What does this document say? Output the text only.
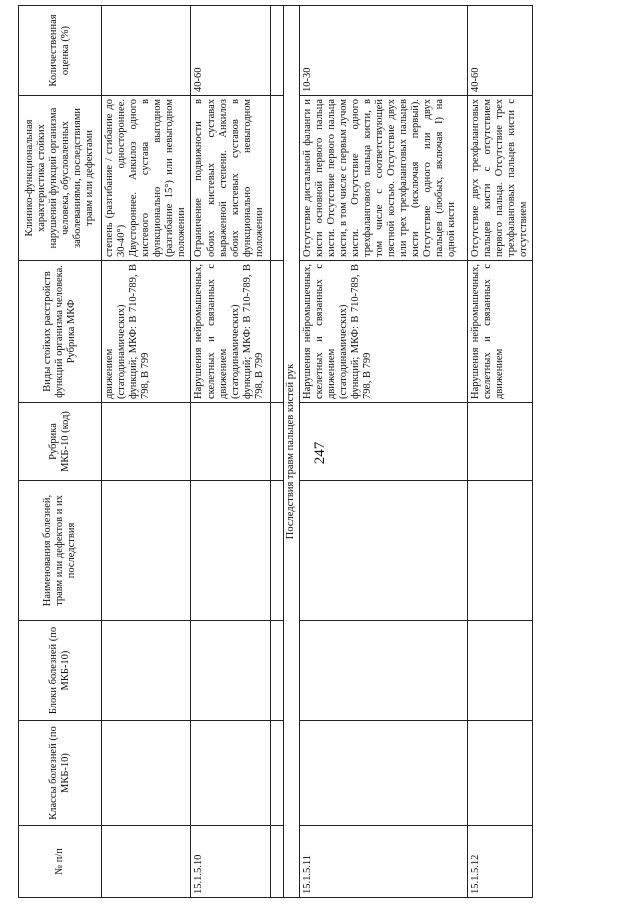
247
№ п/п	Классы болезней (по МКБ-10)	Блоки болезней (по МКБ-10)	Наименования болезней, травм или дефектов и их последствия	Рубрика МКБ-10 (код)	Виды стойких расстройств функций организма человека. Рубрика МКФ	Клинико-функциональная характеристика стойких нарушений функций организма человека, обусловленных заболеваниями, последствиями травм или дефектами	Количественная оценка (%)
					движением (статодинамических) функций; МКФ: В 710-789, В 798, В 799	степень (разгибание / сгибание до 30-40°) одностороннее. Двустороннее. Анкилоз одного кистевого сустава в функционально выгодном (разгибание 15°) или невыгодном положении	
15.1.5.10					Нарушения нейромышечных, скелетных и связанных с движением (статодинамических) функций; МКФ: В 710-789, В 798, В 799	Ограничение подвижности в обоих кистевых суставах выраженной степени. Анкилоз обоих кистевых суставов в функционально невыгодном положении	40-60

Последствия травм пальцев кистей рук							
15.1.5.11					Нарушения нейромышечных, скелетных и связанных с движением (статодинамических) функций; МКФ: В 710-789, В 798, В 799	Отсутствие дистальной фаланги и кисти основной первого пальца кисти. Отсутствие первого пальца кисти, в том числе с первым лучом кисти. Отсутствие одного трехфалангового пальца кисти, в том числе с соответствующей пястной костью. Отсутствие двух или трех трехфаланговых пальцев кисти (исключая первый). Отсутствие одного или двух пальцев (любых, включая I) на одной кисти	10-30
15.1.5.12					Нарушения нейромышечных, скелетных и связанных с движением	Отсутствие двух трехфаланговых пальцев кисти с отсутствием первого пальца. Отсутствие трех трехфаланговых пальцев кисти с отсутствием	40-60
